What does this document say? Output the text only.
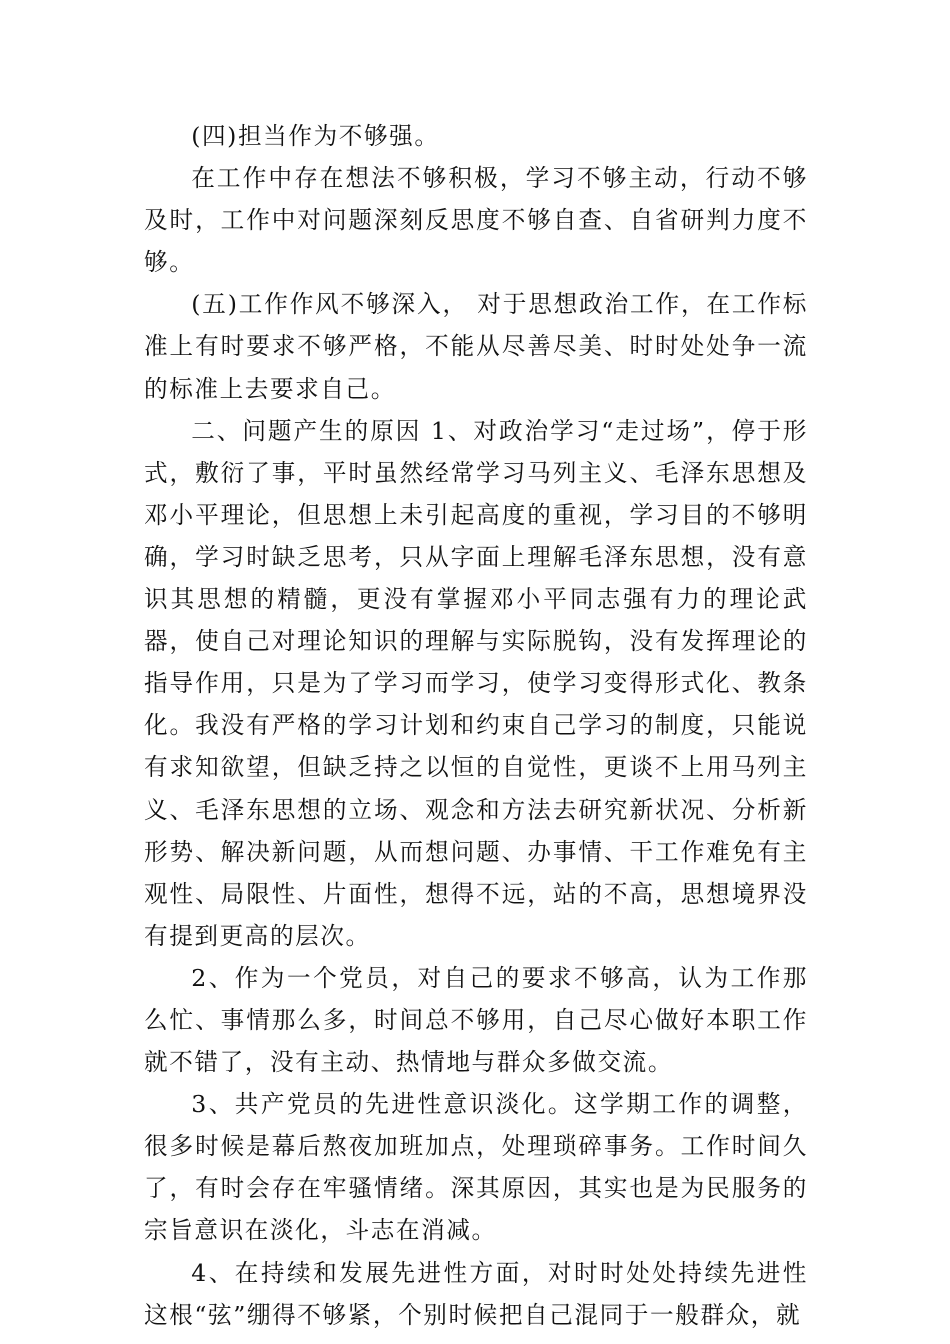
(四)担当作为不够强。

在工作中存在想法不够积极，学习不够主动，行动不够及时，工作中对问题深刻反思度不够自查、自省研判力度不够。

(五)工作作风不够深入， 对于思想政治工作，在工作标准上有时要求不够严格，不能从尽善尽美、时时处处争一流的标准上去要求自己。

二、问题产生的原因 1、对政治学习“走过场”，停于形式，敷衍了事，平时虽然经常学习马列主义、毛泽东思想及邓小平理论，但思想上未引起高度的重视，学习目的不够明确，学习时缺乏思考，只从字面上理解毛泽东思想，没有意识其思想的精髓，更没有掌握邓小平同志强有力的理论武器，使自己对理论知识的理解与实际脱钩，没有发挥理论的指导作用，只是为了学习而学习，使学习变得形式化、教条化。我没有严格的学习计划和约束自己学习的制度，只能说有求知欲望，但缺乏持之以恒的自觉性，更谈不上用马列主义、毛泽东思想的立场、观念和方法去研究新状况、分析新形势、解决新问题，从而想问题、办事情、干工作难免有主观性、局限性、片面性，想得不远，站的不高，思想境界没有提到更高的层次。

2、作为一个党员，对自己的要求不够高，认为工作那么忙、事情那么多，时间总不够用，自己尽心做好本职工作就不错了，没有主动、热情地与群众多做交流。

3、共产党员的先进性意识淡化。这学期工作的调整，很多时候是幕后熬夜加班加点，处理琐碎事务。工作时间久了，有时会存在牢骚情绪。深其原因，其实也是为民服务的宗旨意识在淡化，斗志在消减。

4、在持续和发展先进性方面，对时时处处持续先进性这根“弦”绷得不够紧，个别时候把自己混同于一般群众，就
